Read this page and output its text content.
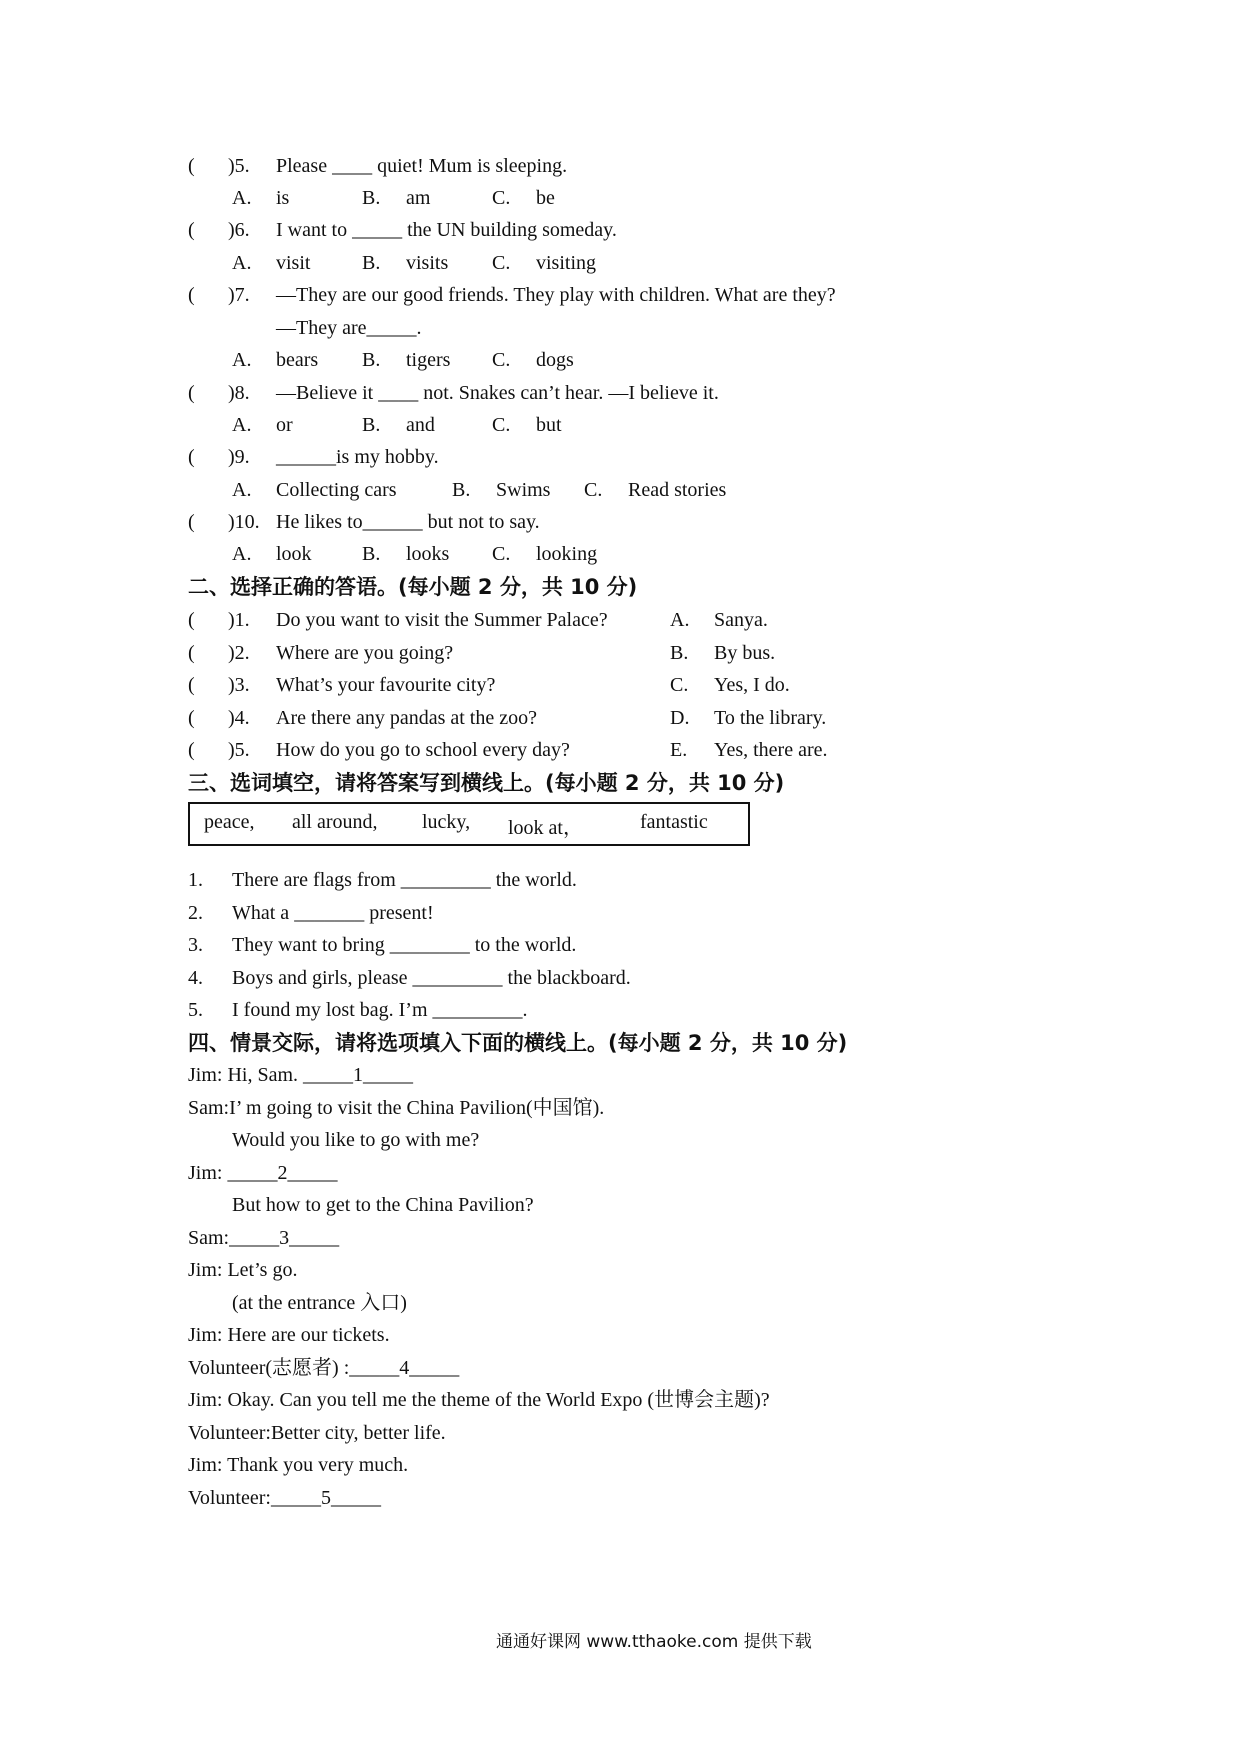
( )5. Please ____ quiet! Mum is sleeping.
A. is	B. am	C. be
( )6. I want to _____ the UN building someday.
A. visit	B. visits C. visiting
( )7. —They are our good friends. They play with children. What are they?
—They are_____.
A. bears B. tigers C. dogs
( )8. —Believe it ____ not. Snakes can’t hear. —I believe it.
A. or	B. and	C. but
( )9. ______is my hobby.
A. Collecting cars	B. Swims C. Read stories
( )10. He likes to______ but not to say.
A. look	B. looks C. looking
二、选择正确的答语。(每小题 2 分，共 10 分)
( )1. Do you want to visit the Summer Palace?	A. Sanya.
( )2. Where are you going?	B. By bus.
( )3. What’s your favourite city?	C. Yes, I do.
( )4. Are there any pandas at the zoo?	D. To the library.
( )5. How do you go to school every day?	E. Yes, there are.
三、选词填空，请将答案写到横线上。(每小题 2 分，共 10 分)
peace, all around, lucky, look at，	fantastic
1. There are flags from _________ the world.
2. What a _______ present!
3. They want to bring ________ to the world.
4. Boys and girls, please _________ the blackboard.
5. I found my lost bag. I’m _________.
四、情景交际，请将选项填入下面的横线上。(每小题 2 分，共 10 分)
Jim: Hi, Sam. _____1_____
Sam:I’ m going to visit the China Pavilion(中国馆).
Would you like to go with me?
Jim: _____2_____
But how to get to the China Pavilion?
Sam:_____3_____
Jim: Let’s go.
(at the entrance 入口)
Jim: Here are our tickets.
Volunteer(志愿者) :_____4_____
Jim: Okay. Can you tell me the theme of the World Expo (世博会主题)?
Volunteer:Better city, better life.
Jim: Thank you very much.
Volunteer:_____5_____
通通好课网 www.tthaoke.com 提供下载
